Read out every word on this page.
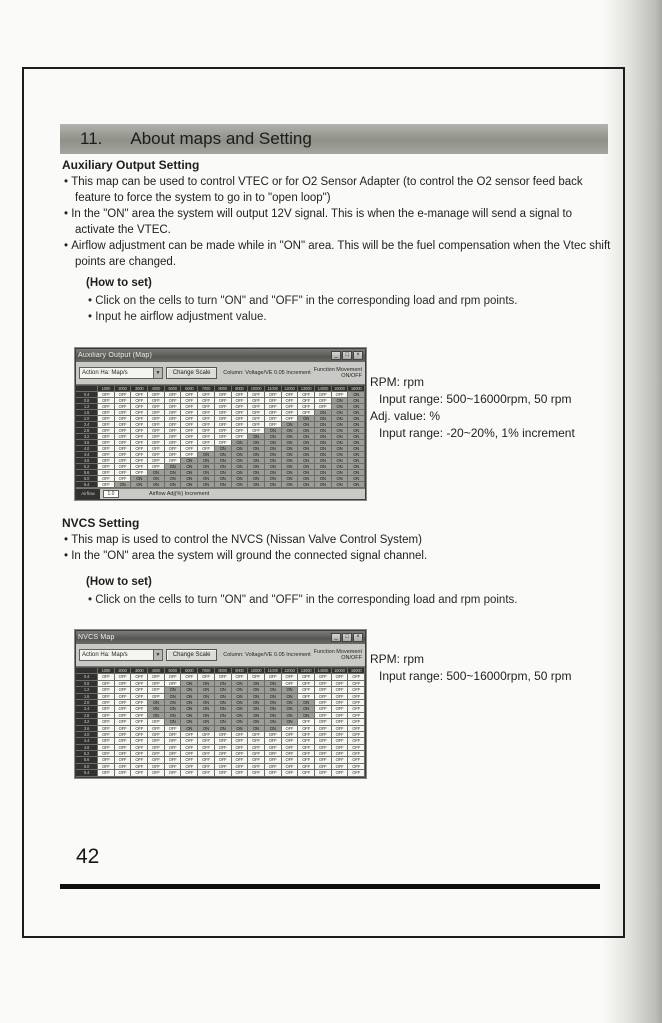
11. About maps and Setting
Auxiliary Output Setting
• This map can be used to control VTEC or for O2 Sensor Adapter (to control the O2 sensor feed back feature to force the system to go in to "open loop")
• In the "ON" area the system will output 12V signal. This is when the e-manage will send a signal to activate the VTEC.
• Airflow adjustment can be made while in "ON" area. This will be the fuel compensation when the Vtec shift points are changed.
(How to set)
• Click on the cells to turn "ON" and "OFF" in the corresponding load and rpm points.
• Input he airflow adjustment value.
Auxiliary Output (Map)	_	□	×
Action Ha: Map/s	▼	Change Scale	Column: Voltage/VE 0.05 Increment Function Movement
ON/OFF
1000	2000	3000	4000	5000	6000	7000	8000	9000	10000	11000	12000	13000	14000	15000	16000
0.4	OFF	OFF	OFF	OFF	OFF	OFF	OFF	OFF	OFF	OFF	OFF	OFF	OFF	OFF	OFF	ON
0.8	OFF	OFF	OFF	OFF	OFF	OFF	OFF	OFF	OFF	OFF	OFF	OFF	OFF	OFF	ON	ON
1.2	OFF	OFF	OFF	OFF	OFF	OFF	OFF	OFF	OFF	OFF	OFF	OFF	OFF	OFF	ON	ON
1.6	OFF	OFF	OFF	OFF	OFF	OFF	OFF	OFF	OFF	OFF	OFF	OFF	OFF	ON	ON	ON
2.0	OFF	OFF	OFF	OFF	OFF	OFF	OFF	OFF	OFF	OFF	OFF	OFF	ON	ON	ON	ON
2.4	OFF	OFF	OFF	OFF	OFF	OFF	OFF	OFF	OFF	OFF	OFF	ON	ON	ON	ON	ON
2.8	OFF	OFF	OFF	OFF	OFF	OFF	OFF	OFF	OFF	OFF	ON	ON	ON	ON	ON	ON
3.2	OFF	OFF	OFF	OFF	OFF	OFF	OFF	OFF	OFF	ON	ON	ON	ON	ON	ON	ON
3.6	OFF	OFF	OFF	OFF	OFF	OFF	OFF	OFF	ON	ON	ON	ON	ON	ON	ON	ON
4.0	OFF	OFF	OFF	OFF	OFF	OFF	OFF	ON	ON	ON	ON	ON	ON	ON	ON	ON
4.4	OFF	OFF	OFF	OFF	OFF	OFF	ON	ON	ON	ON	ON	ON	ON	ON	ON	ON
4.8	OFF	OFF	OFF	OFF	OFF	ON	ON	ON	ON	ON	ON	ON	ON	ON	ON	ON
5.2	OFF	OFF	OFF	OFF	ON	ON	ON	ON	ON	ON	ON	ON	ON	ON	ON	ON
5.6	OFF	OFF	OFF	ON	ON	ON	ON	ON	ON	ON	ON	ON	ON	ON	ON	ON
6.0	OFF	OFF	ON	ON	ON	ON	ON	ON	ON	ON	ON	ON	ON	ON	ON	ON
6.4	OFF	ON	ON	ON	ON	ON	ON	ON	ON	ON	ON	ON	ON	ON	ON	ON
Airflow	1.0	Airflow Adj(%) Increment
RPM: rpm
Input range: 500~16000rpm, 50 rpm
Adj. value: %
Input range: -20~20%, 1% increment
NVCS Setting
• This map is used to control the NVCS (Nissan Valve Control System)
• In the "ON" area the system will ground the connected signal channel.
(How to set)
• Click on the cells to turn "ON" and "OFF" in the corresponding load and rpm points.
NVCS Map	_	□	×
Action Ha: Map/s	▼	Change Scale	Column: Voltage/VE 0.05 Increment Function Movement
ON/OFF
1000	2000	3000	4000	5000	6000	7000	8000	9000	10000	11000	12000	13000	14000	15000	16000
0.4	OFF	OFF	OFF	OFF	OFF	OFF	OFF	OFF	OFF	OFF	OFF	OFF	OFF	OFF	OFF	OFF
0.8	OFF	OFF	OFF	OFF	OFF	ON	ON	ON	ON	ON	ON	OFF	OFF	OFF	OFF	OFF
1.2	OFF	OFF	OFF	OFF	ON	ON	ON	ON	ON	ON	ON	ON	OFF	OFF	OFF	OFF
1.6	OFF	OFF	OFF	OFF	ON	ON	ON	ON	ON	ON	ON	ON	OFF	OFF	OFF	OFF
2.0	OFF	OFF	OFF	ON	ON	ON	ON	ON	ON	ON	ON	ON	ON	OFF	OFF	OFF
2.4	OFF	OFF	OFF	ON	ON	ON	ON	ON	ON	ON	ON	ON	ON	OFF	OFF	OFF
2.8	OFF	OFF	OFF	ON	ON	ON	ON	ON	ON	ON	ON	ON	ON	OFF	OFF	OFF
3.2	OFF	OFF	OFF	OFF	ON	ON	ON	ON	ON	ON	ON	ON	OFF	OFF	OFF	OFF
3.6	OFF	OFF	OFF	OFF	OFF	ON	ON	ON	ON	ON	ON	OFF	OFF	OFF	OFF	OFF
4.0	OFF	OFF	OFF	OFF	OFF	OFF	OFF	OFF	OFF	OFF	OFF	OFF	OFF	OFF	OFF	OFF
4.4	OFF	OFF	OFF	OFF	OFF	OFF	OFF	OFF	OFF	OFF	OFF	OFF	OFF	OFF	OFF	OFF
4.8	OFF	OFF	OFF	OFF	OFF	OFF	OFF	OFF	OFF	OFF	OFF	OFF	OFF	OFF	OFF	OFF
5.2	OFF	OFF	OFF	OFF	OFF	OFF	OFF	OFF	OFF	OFF	OFF	OFF	OFF	OFF	OFF	OFF
5.6	OFF	OFF	OFF	OFF	OFF	OFF	OFF	OFF	OFF	OFF	OFF	OFF	OFF	OFF	OFF	OFF
6.0	OFF	OFF	OFF	OFF	OFF	OFF	OFF	OFF	OFF	OFF	OFF	OFF	OFF	OFF	OFF	OFF
6.4	OFF	OFF	OFF	OFF	OFF	OFF	OFF	OFF	OFF	OFF	OFF	OFF	OFF	OFF	OFF	OFF
RPM: rpm
Input range: 500~16000rpm, 50 rpm
42
